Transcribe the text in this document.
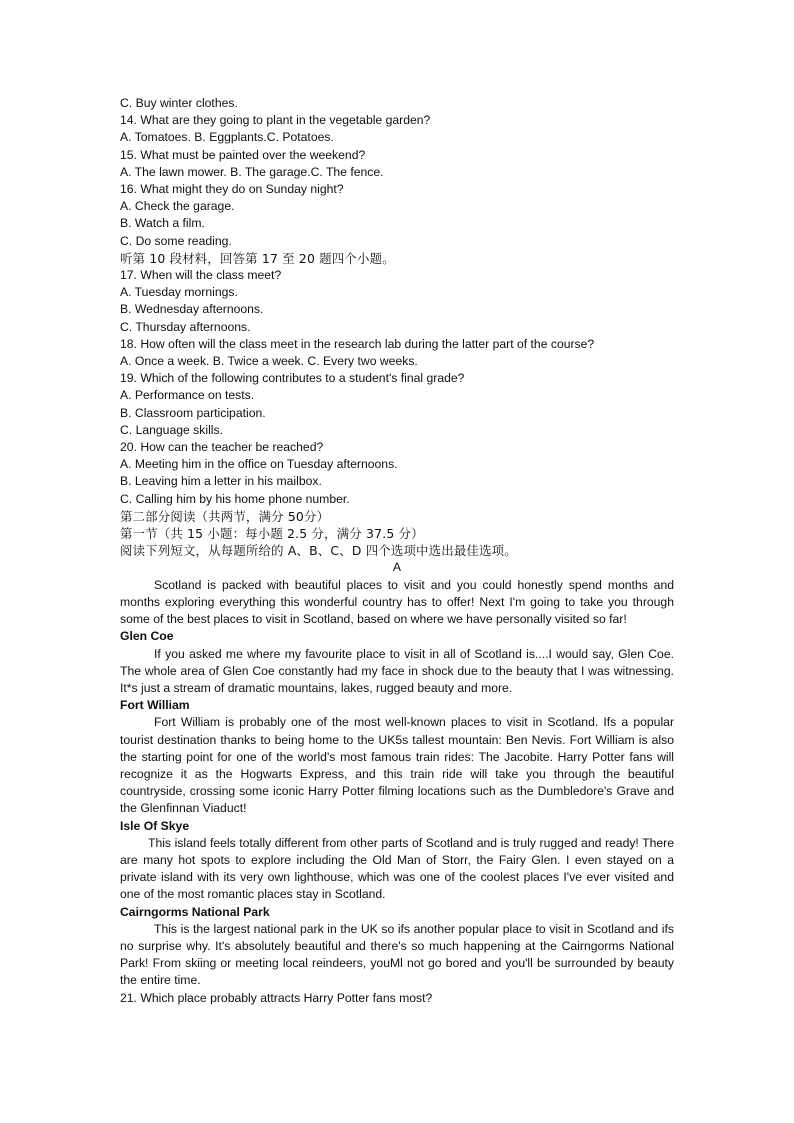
C. Buy winter clothes.
14. What are they going to plant in the vegetable garden?
A. Tomatoes. B. Eggplants.C. Potatoes.
15. What must be painted over the weekend?
A. The lawn mower. B. The garage.C. The fence.
16. What might they do on Sunday night?
A. Check the garage.
B. Watch a film.
C. Do some reading.
听第 10 段材料，回答第 17 至 20 题四个小题。
17. When will the class meet?
A. Tuesday mornings.
B. Wednesday afternoons.
C. Thursday afternoons.
18. How often will the class meet in the research lab during the latter part of the course?
A. Once a week. B. Twice a week. C. Every two weeks.
19. Which of the following contributes to a student's final grade?
A. Performance on tests.
B. Classroom participation.
C. Language skills.
20. How can the teacher be reached?
A. Meeting him in the office on Tuesday afternoons.
B. Leaving him a letter in his mailbox.
C. Calling him by his home phone number.
第二部分阅读（共两节，满分 50分）
第一节（共 15 小题：每小题 2.5 分，满分 37.5 分）
阅读下列短文，从每题所给的 A、B、C、D 四个选项中选出最佳选项。
A
Scotland is packed with beautiful places to visit and you could honestly spend months and months exploring everything this wonderful country has to offer! Next I'm going to take you through some of the best places to visit in Scotland, based on where we have personally visited so far!
Glen Coe
If you asked me where my favourite place to visit in all of Scotland is....I would say, Glen Coe. The whole area of Glen Coe constantly had my face in shock due to the beauty that I was witnessing. It*s just a stream of dramatic mountains, lakes, rugged beauty and more.
Fort William
Fort William is probably one of the most well-known places to visit in Scotland. Ifs a popular tourist destination thanks to being home to the UK5s tallest mountain: Ben Nevis. Fort William is also the starting point for one of the world's most famous train rides: The Jacobite. Harry Potter fans will recognize it as the Hogwarts Express, and this train ride will take you through the beautiful countryside, crossing some iconic Harry Potter filming locations such as the Dumbledore's Grave and the Glenfinnan Viaduct!
Isle Of Skye
This island feels totally different from other parts of Scotland and is truly rugged and ready! There are many hot spots to explore including the Old Man of Storr, the Fairy Glen. I even stayed on a private island with its very own lighthouse, which was one of the coolest places I've ever visited and one of the most romantic places stay in Scotland.
Cairngorms National Park
This is the largest national park in the UK so ifs another popular place to visit in Scotland and ifs no surprise why. It's absolutely beautiful and there's so much happening at the Cairngorms National Park! From skiing or meeting local reindeers, youMl not go bored and you'll be surrounded by beauty the entire time.
21. Which place probably attracts Harry Potter fans most?
